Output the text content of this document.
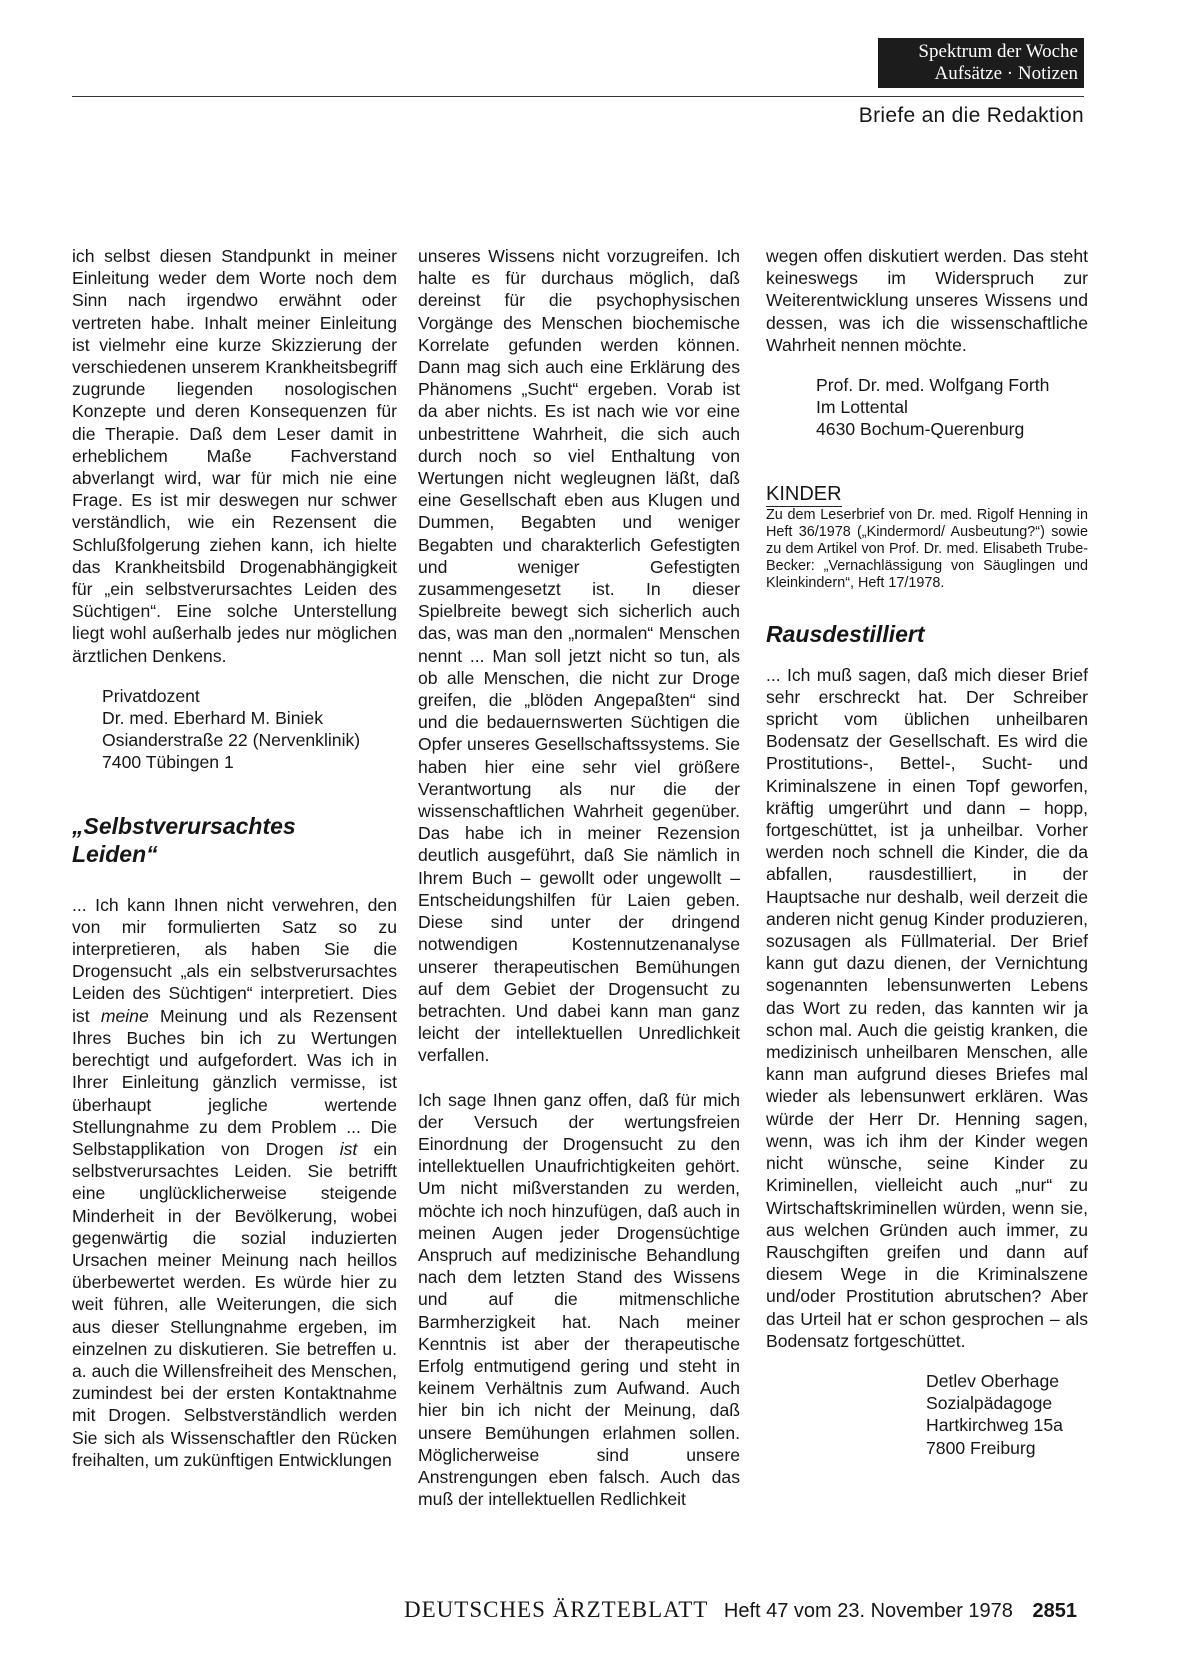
Spektrum der Woche
Aufsätze · Notizen
Briefe an die Redaktion

ich selbst diesen Standpunkt in meiner Einleitung weder dem Worte noch dem Sinn nach irgendwo erwähnt oder vertreten habe. Inhalt meiner Einleitung ist vielmehr eine kurze Skizzierung der verschiedenen unserem Krankheitsbegriff zugrunde liegenden nosologischen Konzepte und deren Konsequenzen für die Therapie. Daß dem Leser damit in erheblichem Maße Fachverstand abverlangt wird, war für mich nie eine Frage. Es ist mir deswegen nur schwer verständlich, wie ein Rezensent die Schlußfolgerung ziehen kann, ich hielte das Krankheitsbild Drogenabhängigkeit für „ein selbstverursachtes Leiden des Süchtigen“. Eine solche Unterstellung liegt wohl außerhalb jedes nur möglichen ärztlichen Denkens.

Privatdozent
Dr. med. Eberhard M. Biniek
Osianderstraße 22 (Nervenklinik)
7400 Tübingen 1
„Selbstverursachtes
Leiden“

... Ich kann Ihnen nicht verwehren, den von mir formulierten Satz so zu interpretieren, als haben Sie die Drogensucht „als ein selbstverursachtes Leiden des Süchtigen“ interpretiert. Dies ist meine Meinung und als Rezensent Ihres Buches bin ich zu Wertungen berechtigt und aufgefordert. Was ich in Ihrer Einleitung gänzlich vermisse, ist überhaupt jegliche wertende Stellungnahme zu dem Problem ... Die Selbstapplikation von Drogen ist ein selbstverursachtes Leiden. Sie betrifft eine unglücklicherweise steigende Minderheit in der Bevölkerung, wobei gegenwärtig die sozial induzierten Ursachen meiner Meinung nach heillos überbewertet werden. Es würde hier zu weit führen, alle Weiterungen, die sich aus dieser Stellungnahme ergeben, im einzelnen zu diskutieren. Sie betreffen u. a. auch die Willensfreiheit des Menschen, zumindest bei der ersten Kontaktnahme mit Drogen. Selbstverständlich werden Sie sich als Wissenschaftler den Rücken freihalten, um zukünftigen Entwicklungen

unseres Wissens nicht vorzugreifen. Ich halte es für durchaus möglich, daß dereinst für die psychophysischen Vorgänge des Menschen biochemische Korrelate gefunden werden können. Dann mag sich auch eine Erklärung des Phänomens „Sucht“ ergeben. Vorab ist da aber nichts. Es ist nach wie vor eine unbestrittene Wahrheit, die sich auch durch noch so viel Enthaltung von Wertungen nicht wegleugnen läßt, daß eine Gesellschaft eben aus Klugen und Dummen, Begabten und weniger Begabten und charakterlich Gefestigten und weniger Gefestigten zusammengesetzt ist. In dieser Spielbreite bewegt sich sicherlich auch das, was man den „normalen“ Menschen nennt ... Man soll jetzt nicht so tun, als ob alle Menschen, die nicht zur Droge greifen, die „blöden Angepaßten“ sind und die bedauernswerten Süchtigen die Opfer unseres Gesellschaftssystems. Sie haben hier eine sehr viel größere Verantwortung als nur die der wissenschaftlichen Wahrheit gegenüber. Das habe ich in meiner Rezension deutlich ausgeführt, daß Sie nämlich in Ihrem Buch – gewollt oder ungewollt – Entscheidungshilfen für Laien geben. Diese sind unter der dringend notwendigen Kostennutzenanalyse unserer therapeutischen Bemühungen auf dem Gebiet der Drogensucht zu betrachten. Und dabei kann man ganz leicht der intellektuellen Unredlichkeit verfallen.

Ich sage Ihnen ganz offen, daß für mich der Versuch der wertungsfreien Einordnung der Drogensucht zu den intellektuellen Unaufrichtigkeiten gehört. Um nicht mißverstanden zu werden, möchte ich noch hinzufügen, daß auch in meinen Augen jeder Drogensüchtige Anspruch auf medizinische Behandlung nach dem letzten Stand des Wissens und auf die mitmenschliche Barmherzigkeit hat. Nach meiner Kenntnis ist aber der therapeutische Erfolg entmutigend gering und steht in keinem Verhältnis zum Aufwand. Auch hier bin ich nicht der Meinung, daß unsere Bemühungen erlahmen sollen. Möglicherweise sind unsere Anstrengungen eben falsch. Auch das muß der intellektuellen Redlichkeit

wegen offen diskutiert werden. Das steht keineswegs im Widerspruch zur Weiterentwicklung unseres Wissens und dessen, was ich die wissenschaftliche Wahrheit nennen möchte.

Prof. Dr. med. Wolfgang Forth
Im Lottental
4630 Bochum-Querenburg
KINDER

Zu dem Leserbrief von Dr. med. Rigolf Henning in Heft 36/1978 („Kindermord/ Ausbeutung?“) sowie zu dem Artikel von Prof. Dr. med. Elisabeth Trube-Becker: „Vernachlässigung von Säuglingen und Kleinkindern“, Heft 17/1978.

Rausdestilliert

... Ich muß sagen, daß mich dieser Brief sehr erschreckt hat. Der Schreiber spricht vom üblichen unheilbaren Bodensatz der Gesellschaft. Es wird die Prostitutions-, Bettel-, Sucht- und Kriminalszene in einen Topf geworfen, kräftig umgerührt und dann – hopp, fortgeschüttet, ist ja unheilbar. Vorher werden noch schnell die Kinder, die da abfallen, rausdestilliert, in der Hauptsache nur deshalb, weil derzeit die anderen nicht genug Kinder produzieren, sozusagen als Füllmaterial. Der Brief kann gut dazu dienen, der Vernichtung sogenannten lebensunwerten Lebens das Wort zu reden, das kannten wir ja schon mal. Auch die geistig kranken, die medizinisch unheilbaren Menschen, alle kann man aufgrund dieses Briefes mal wieder als lebensunwert erklären. Was würde der Herr Dr. Henning sagen, wenn, was ich ihm der Kinder wegen nicht wünsche, seine Kinder zu Kriminellen, vielleicht auch „nur“ zu Wirtschaftskriminellen würden, wenn sie, aus welchen Gründen auch immer, zu Rauschgiften greifen und dann auf diesem Wege in die Kriminalszene und/oder Prostitution abrutschen? Aber das Urteil hat er schon gesprochen – als Bodensatz fortgeschüttet.

Detlev Oberhage
Sozialpädagoge
Hartkirchweg 15a
7800 Freiburg
DEUTSCHES ÄRZTEBLATT Heft 47 vom 23. November 1978 2851
